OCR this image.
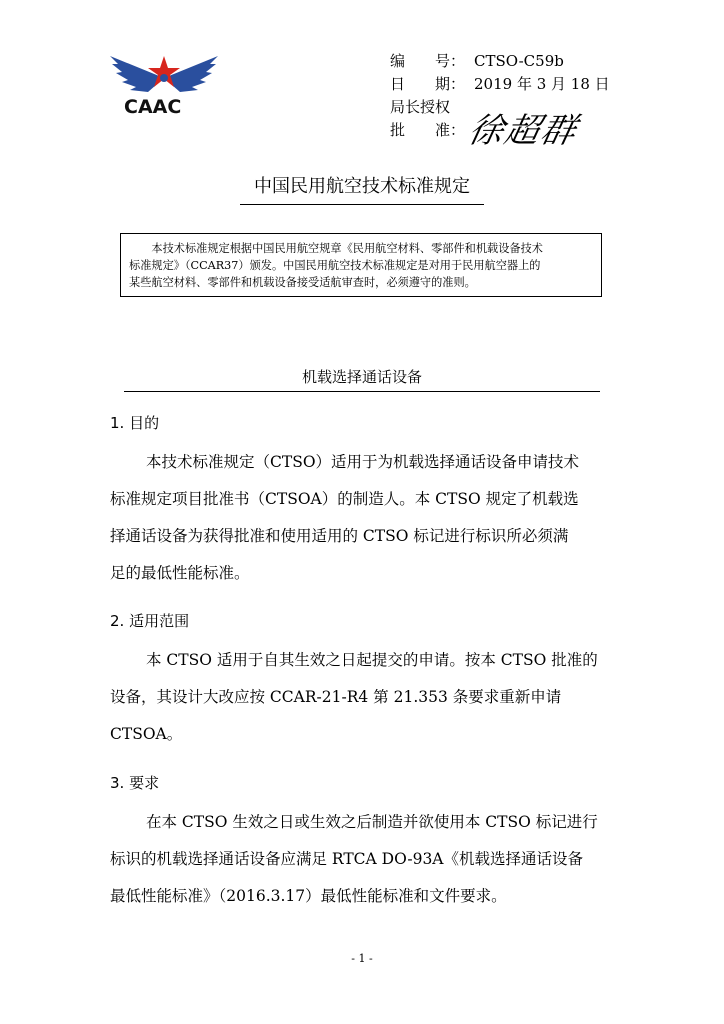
CAAC
编　　号： CTSO-C59b
日　　期： 2019 年 3 月 18 日
局长授权
批　　准： 徐超群
中国民用航空技术标准规定
本技术标准规定根据中国民用航空规章《民用航空材料、零部件和机载设备技术
标准规定》（CCAR37）颁发。中国民用航空技术标准规定是对用于民用航空器上的
某些航空材料、零部件和机载设备接受适航审查时，必须遵守的准则。
机载选择通话设备
1. 目的
本技术标准规定（CTSO）适用于为机载选择通话设备申请技术
标准规定项目批准书（CTSOA）的制造人。本 CTSO 规定了机载选
择通话设备为获得批准和使用适用的 CTSO 标记进行标识所必须满
足的最低性能标准。
2. 适用范围
本 CTSO 适用于自其生效之日起提交的申请。按本 CTSO 批准的
设备，其设计大改应按 CCAR-21-R4 第 21.353 条要求重新申请
CTSOA。
3. 要求
在本 CTSO 生效之日或生效之后制造并欲使用本 CTSO 标记进行
标识的机载选择通话设备应满足 RTCA DO-93A《机载选择通话设备
最低性能标准》（2016.3.17）最低性能标准和文件要求。
- 1 -
